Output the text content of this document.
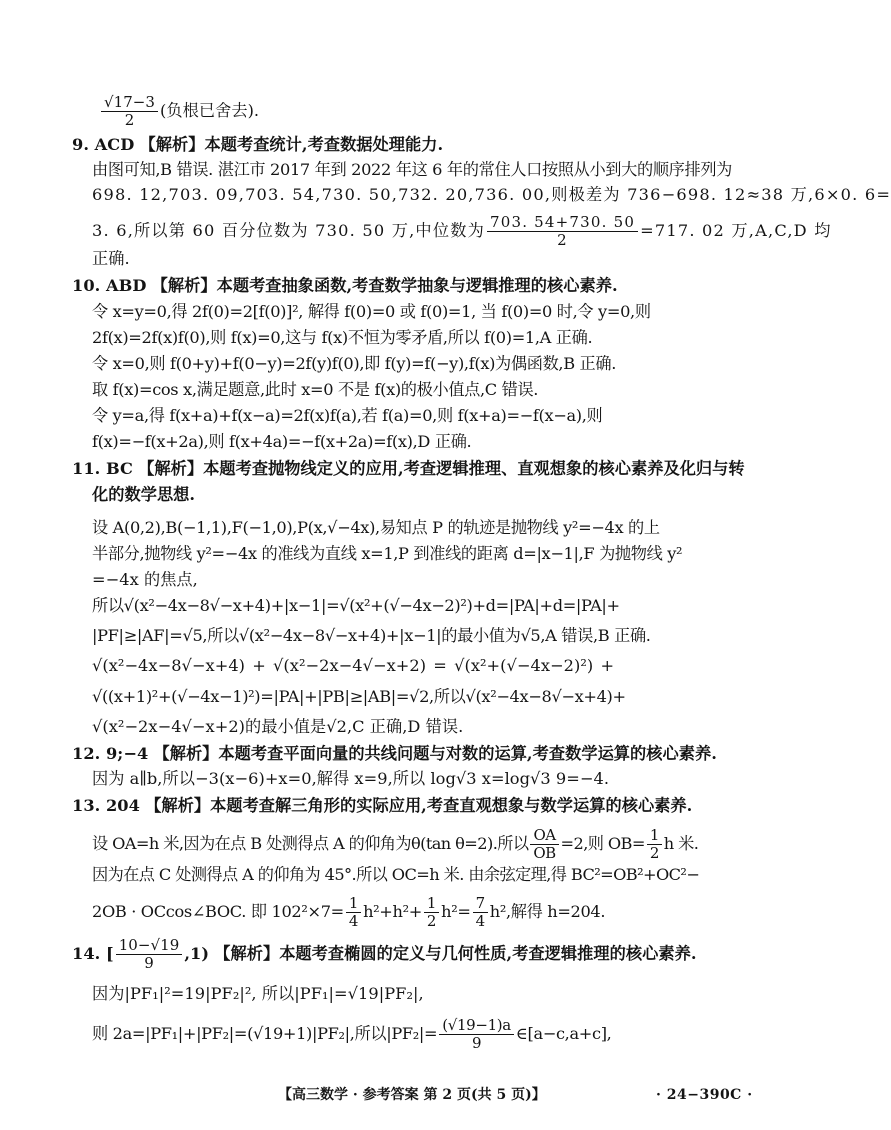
$\frac{√17-3}{2}$ (负根已舍去).
9. ACD 【解析】本题考查统计,考查数据处理能力.
由图可知,B 错误. 湛江市 2017 年到 2022 年这 6 年的常住人口按照从小到大的顺序排列为
698. 12,703. 09,703. 54,730. 50,732. 20,736. 00,则极差为 736−698. 12≈38 万,6×0. 6=
3. 6,所以第 60 百分位数为 730. 50 万,中位数为 $\frac{703. 54+730. 50}{2} =717$. 02 万,A,C,D 均
正确.
10. ABD 【解析】本题考查抽象函数,考查数学抽象与逻辑推理的核心素养.
令 x=y=0,得 2f(0)=2[f(0)]², 解得 f(0)=0 或 f(0)=1, 当 f(0)=0 时,令 y=0,则
2f(x)=2f(x)f(0),则 f(x)=0,这与 f(x)不恒为零矛盾,所以 f(0)=1,A 正确.
令 x=0,则 f(0+y)+f(0−y)=2f(y)f(0),即 f(y)=f(−y),f(x)为偶函数,B 正确.
取 f(x)=cos x,满足题意,此时 x=0 不是 f(x)的极小值点,C 错误.
令 y=a,得 f(x+a)+f(x−a)=2f(x)f(a),若 f(a)=0,则 f(x+a)=−f(x−a),则
f(x)=−f(x+2a),则 f(x+4a)=−f(x+2a)=f(x),D 正确.
11. BC 【解析】本题考查抛物线定义的应用,考查逻辑推理、直观想象的核心素养及化归与转
化的数学思想.
设 A(0,2),B(−1,1),F(−1,0),P(x,√−4x),易知点 P 的轨迹是抛物线 y²=−4x 的上
半部分,抛物线 y²=−4x 的准线为直线 x=1,P 到准线的距离 d=|x−1|,F 为抛物线 y²
=−4x 的焦点,
所以√(x²−4x−8√−x+4)+|x−1|=√(x²+(√−4x−2)²)+d=|PA|+d=|PA|+
|PF|≥|AF|=√5,所以√(x²−4x−8√−x+4)+|x−1|的最小值为√5,A 错误,B 正确.
√(x²−4x−8√−x+4) + √(x²−2x−4√−x+2) = √(x²+(√−4x−2)²) +
√((x+1)²+(√−4x−1)²)=|PA|+|PB|≥|AB|=√2,所以√(x²−4x−8√−x+4)+
√(x²−2x−4√−x+2)的最小值是√2,C 正确,D 错误.
12. 9;−4 【解析】本题考查平面向量的共线问题与对数的运算,考查数学运算的核心素养.
因为 a∥b,所以−3(x−6)+x=0,解得 x=9,所以 log√3 x=log√3 9=−4.
13. 204 【解析】本题考查解三角形的实际应用,考查直观想象与数学运算的核心素养.
设 OA=h 米,因为在点 B 处测得点 A 的仰角为θ(tan θ=2).所以 $\frac{OA}{OB} =2$,则 $OB= \frac{1}{2}$ h 米.
因为在点 C 处测得点 A 的仰角为 45°.所以 OC=h 米. 由余弦定理,得 BC²=OB²+OC²−
2OB · OCcos∠BOC. 即 $102^2\times 7= \frac{1}{4} h^2+h^2+ \frac{1}{2} h^2= \frac{7}{4} h^2$,解得 h=204.
14. [ $\frac{10-√19}{9} ,1$) 【解析】本题考查椭圆的定义与几何性质,考查逻辑推理的核心素养.
因为|PF₁|²=19|PF₂|², 所以|PF₁|=√19|PF₂|,
则 2a=|PF₁|+|PF₂|=(√19+1)|PF₂|,所以$|PF_2|= \frac{(√19-1)a}{9}$ ∈[a−c,a+c],
【高三数学 · 参考答案 第 2 页(共 5 页)】	· 24−390C ·
